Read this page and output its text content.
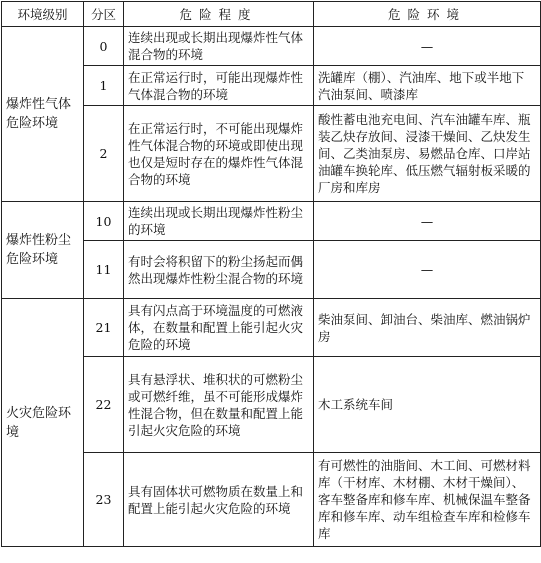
环境级别	分区	危险程度	危险环境
爆炸性气体危险环境	0	连续出现或长期出现爆炸性气体混合物的环境	—
	1	在正常运行时，可能出现爆炸性气体混合物的环境	洗罐库（棚）、汽油库、地下或半地下汽油泵间、喷漆库
	2	在正常运行时，不可能出现爆炸性气体混合物的环境或即使出现也仅是短时存在的爆炸性气体混合物的环境	酸性蓄电池充电间、汽车油罐车库、瓶装乙炔存放间、浸漆干燥间、乙炔发生间、乙类油泵房、易燃品仓库、口岸站油罐车换轮库、低压燃气辐射板采暖的厂房和库房
爆炸性粉尘危险环境	10	连续出现或长期出现爆炸性粉尘的环境	—
	11	有时会将积留下的粉尘扬起而偶然出现爆炸性粉尘混合物的环境	—
火灾危险环境	21	具有闪点高于环境温度的可燃液体，在数量和配置上能引起火灾危险的环境	柴油泵间、卸油台、柴油库、燃油锅炉房
	22	具有悬浮状、堆积状的可燃粉尘或可燃纤维，虽不可能形成爆炸性混合物，但在数量和配置上能引起火灾危险的环境	木工系统车间
	23	具有固体状可燃物质在数量上和配置上能引起火灾危险的环境	有可燃性的油脂间、木工间、可燃材料库（干材库、木材棚、木材干燥间）、客车整备库和修车库、机械保温车整备库和修车库、动车组检查车库和检修车库
